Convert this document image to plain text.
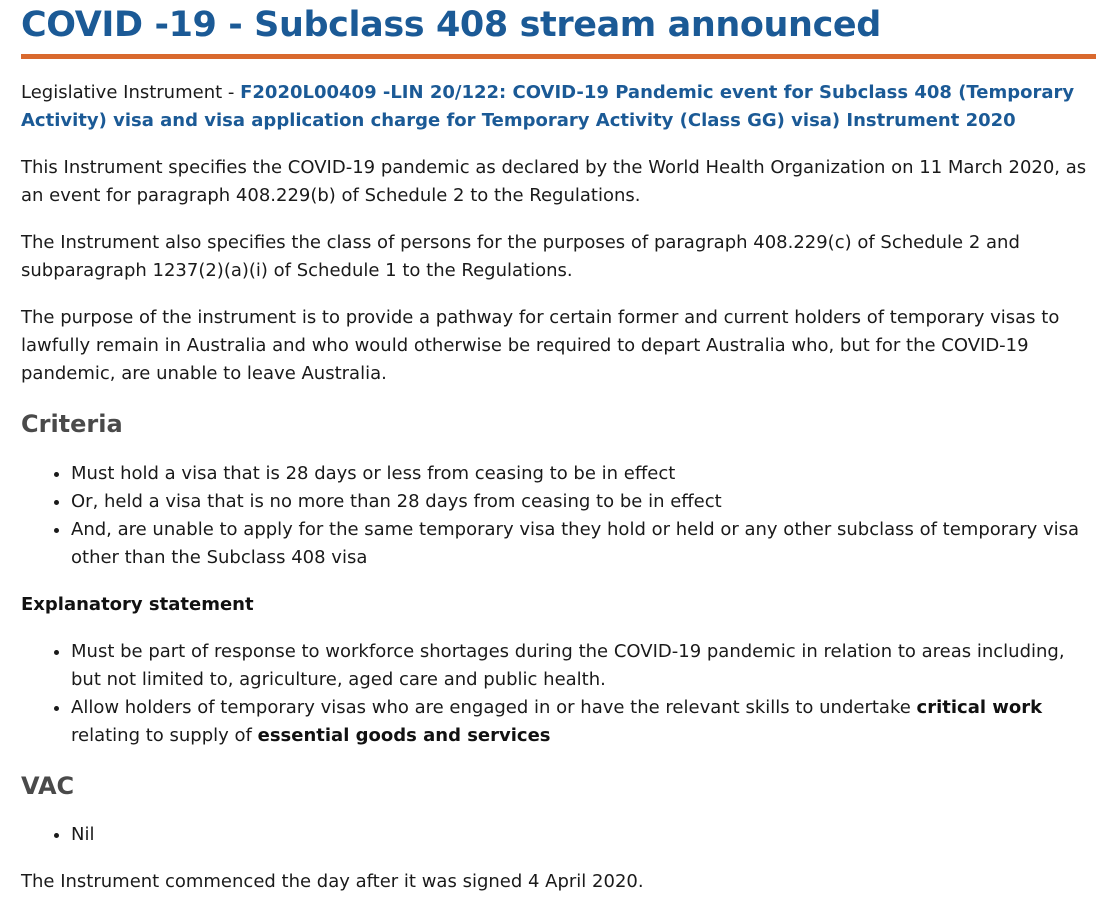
COVID -19 - Subclass 408 stream announced

Legislative Instrument - F2020L00409 -LIN 20/122: COVID-19 Pandemic event for Subclass 408 (Temporary Activity) visa and visa application charge for Temporary Activity (Class GG) visa) Instrument 2020

This Instrument specifies the COVID-19 pandemic as declared by the World Health Organization on 11 March 2020, as an event for paragraph 408.229(b) of Schedule 2 to the Regulations.

The Instrument also specifies the class of persons for the purposes of paragraph 408.229(c) of Schedule 2 and subparagraph 1237(2)(a)(i) of Schedule 1 to the Regulations.

The purpose of the instrument is to provide a pathway for certain former and current holders of temporary visas to lawfully remain in Australia and who would otherwise be required to depart Australia who, but for the COVID-19 pandemic, are unable to leave Australia.

Criteria
• Must hold a visa that is 28 days or less from ceasing to be in effect
• Or, held a visa that is no more than 28 days from ceasing to be in effect
• And, are unable to apply for the same temporary visa they hold or held or any other subclass of temporary visa other than the Subclass 408 visa
Explanatory statement
• Must be part of response to workforce shortages during the COVID-19 pandemic in relation to areas including, but not limited to, agriculture, aged care and public health.
• Allow holders of temporary visas who are engaged in or have the relevant skills to undertake critical work relating to supply of essential goods and services
VAC
• Nil

The Instrument commenced the day after it was signed 4 April 2020.
